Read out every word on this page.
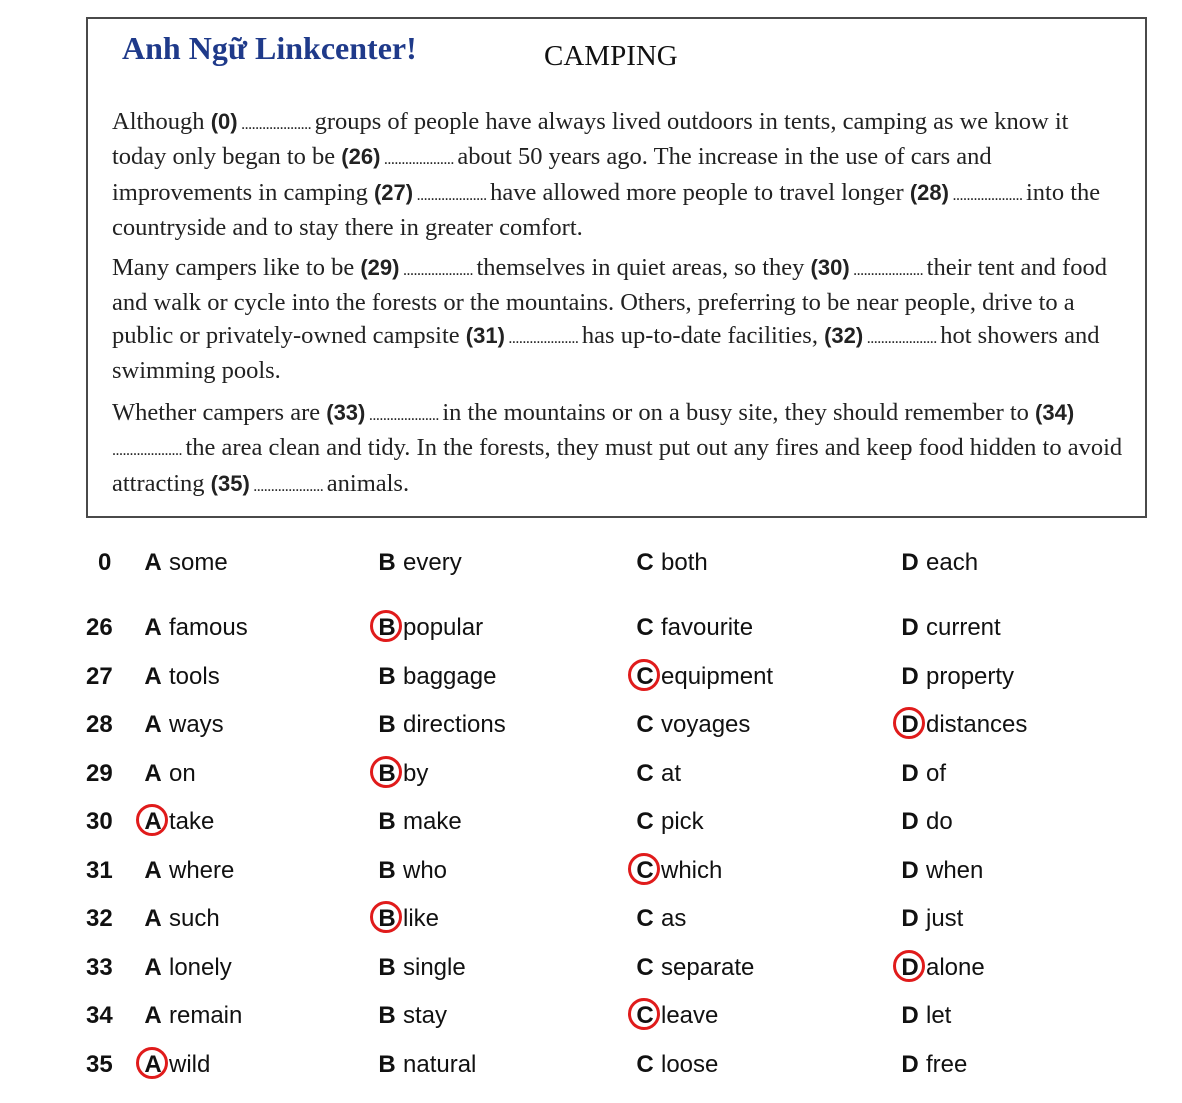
Anh Ngữ Linkcenter!	CAMPING
Although (0) .................... groups of people have always lived outdoors in tents, camping as we know it today only began to be (26) .................... about 50 years ago. The increase in the use of cars and improvements in camping (27) .................... have allowed more people to travel longer (28) .................... into the countryside and to stay there in greater comfort.
Many campers like to be (29) .................... themselves in quiet areas, so they (30) .................... their tent and food and walk or cycle into the forests or the mountains. Others, preferring to be near people, drive to a public or privately-owned campsite (31) .................... has up-to-date facilities, (32) .................... hot showers and swimming pools.
Whether campers are (33) .................... in the mountains or on a busy site, they should remember to (34) .................... the area clean and tidy. In the forests, they must put out any fires and keep food hidden to avoid attracting (35) .................... animals.
0	A some	B every	C both	D each
26	A famous	B popular	C favourite	D current
27	A tools	B baggage	C equipment	D property
28	A ways	B directions	C voyages	D distances
29	A on	B by	C at	D of
30	A take	B make	C pick	D do
31	A where	B who	C which	D when
32	A such	B like	C as	D just
33	A lonely	B single	C separate	D alone
34	A remain	B stay	C leave	D let
35	A wild	B natural	C loose	D free
